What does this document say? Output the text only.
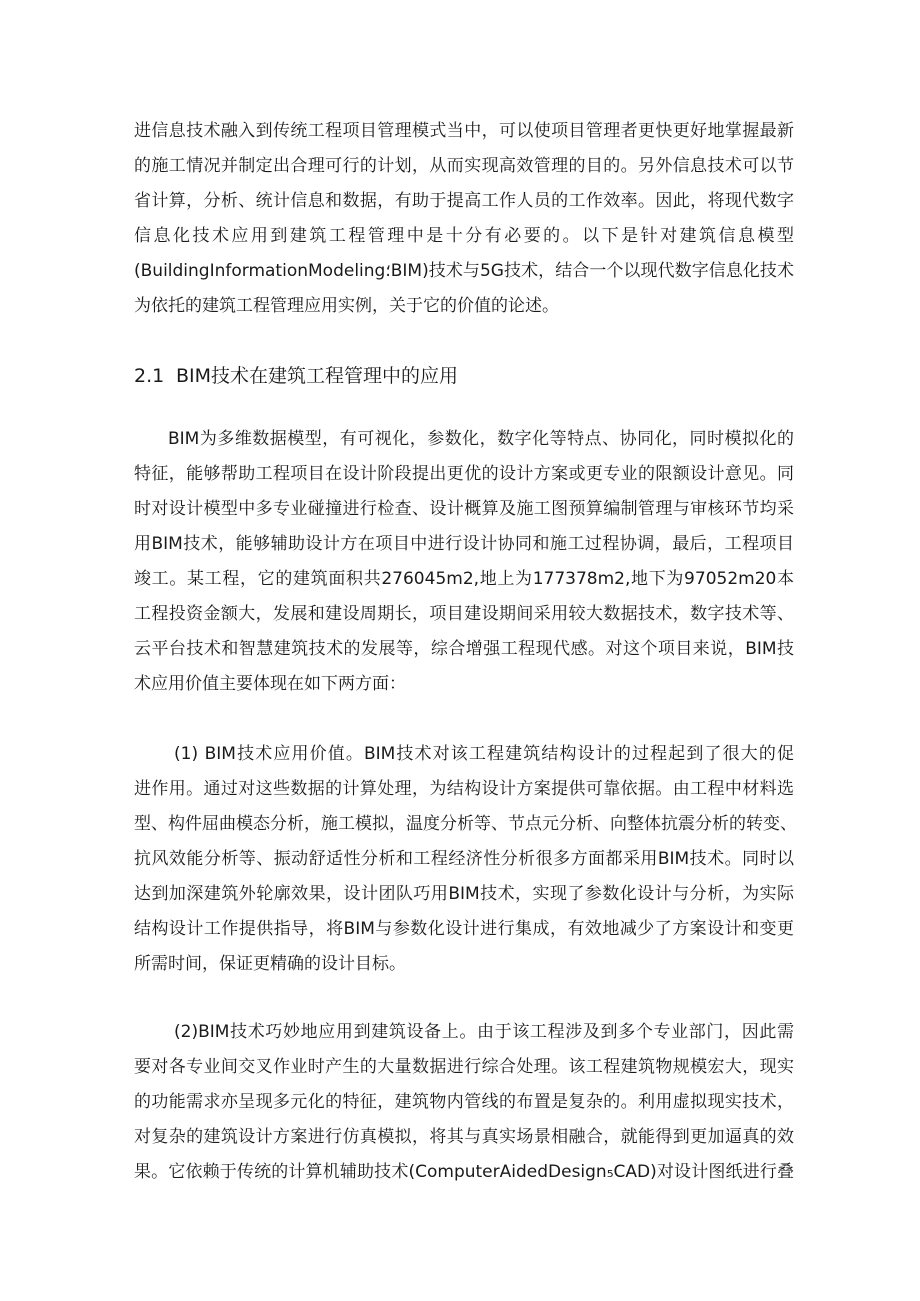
进信息技术融入到传统工程项目管理模式当中，可以使项目管理者更快更好地掌握最新
的施工情况并制定出合理可行的计划，从而实现高效管理的目的。另外信息技术可以节
省计算，分析、统计信息和数据，有助于提高工作人员的工作效率。因此，将现代数字
信息化技术应用到建筑工程管理中是十分有必要的。以下是针对建筑信息模型
(BuildingInformationModeling؛BIM)技术与5G技术，结合一个以现代数字信息化技术
为依托的建筑工程管理应用实例，关于它的价值的论述。
2.1 BIM技术在建筑工程管理中的应用
BIM为多维数据模型，有可视化，参数化，数字化等特点、协同化，同时模拟化的
特征，能够帮助工程项目在设计阶段提出更优的设计方案或更专业的限额设计意见。同
时对设计模型中多专业碰撞进行检查、设计概算及施工图预算编制管理与审核环节均采
用BIM技术，能够辅助设计方在项目中进行设计协同和施工过程协调，最后，工程项目
竣工。某工程，它的建筑面积共276045m2,地上为177378m2,地下为97052m20本
工程投资金额大，发展和建设周期长，项目建设期间采用较大数据技术，数字技术等、
云平台技术和智慧建筑技术的发展等，综合增强工程现代感。对这个项目来说，BIM技
术应用价值主要体现在如下两方面：
(1) BIM技术应用价值。BIM技术对该工程建筑结构设计的过程起到了很大的促
进作用。通过对这些数据的计算处理，为结构设计方案提供可靠依据。由工程中材料选
型、构件屈曲模态分析，施工模拟，温度分析等、节点元分析、向整体抗震分析的转变、
抗风效能分析等、振动舒适性分析和工程经济性分析很多方面都采用BIM技术。同时以
达到加深建筑外轮廓效果，设计团队巧用BIM技术，实现了参数化设计与分析，为实际
结构设计工作提供指导，将BIM与参数化设计进行集成，有效地减少了方案设计和变更
所需时间，保证更精确的设计目标。
(2)BIM技术巧妙地应用到建筑设备上。由于该工程涉及到多个专业部门，因此需
要对各专业间交叉作业时产生的大量数据进行综合处理。该工程建筑物规模宏大，现实
的功能需求亦呈现多元化的特征，建筑物内管线的布置是复杂的。利用虚拟现实技术，
对复杂的建筑设计方案进行仿真模拟，将其与真实场景相融合，就能得到更加逼真的效
果。它依赖于传统的计算机辅助技术(ComputerAidedDesign₅CAD)对设计图纸进行叠
